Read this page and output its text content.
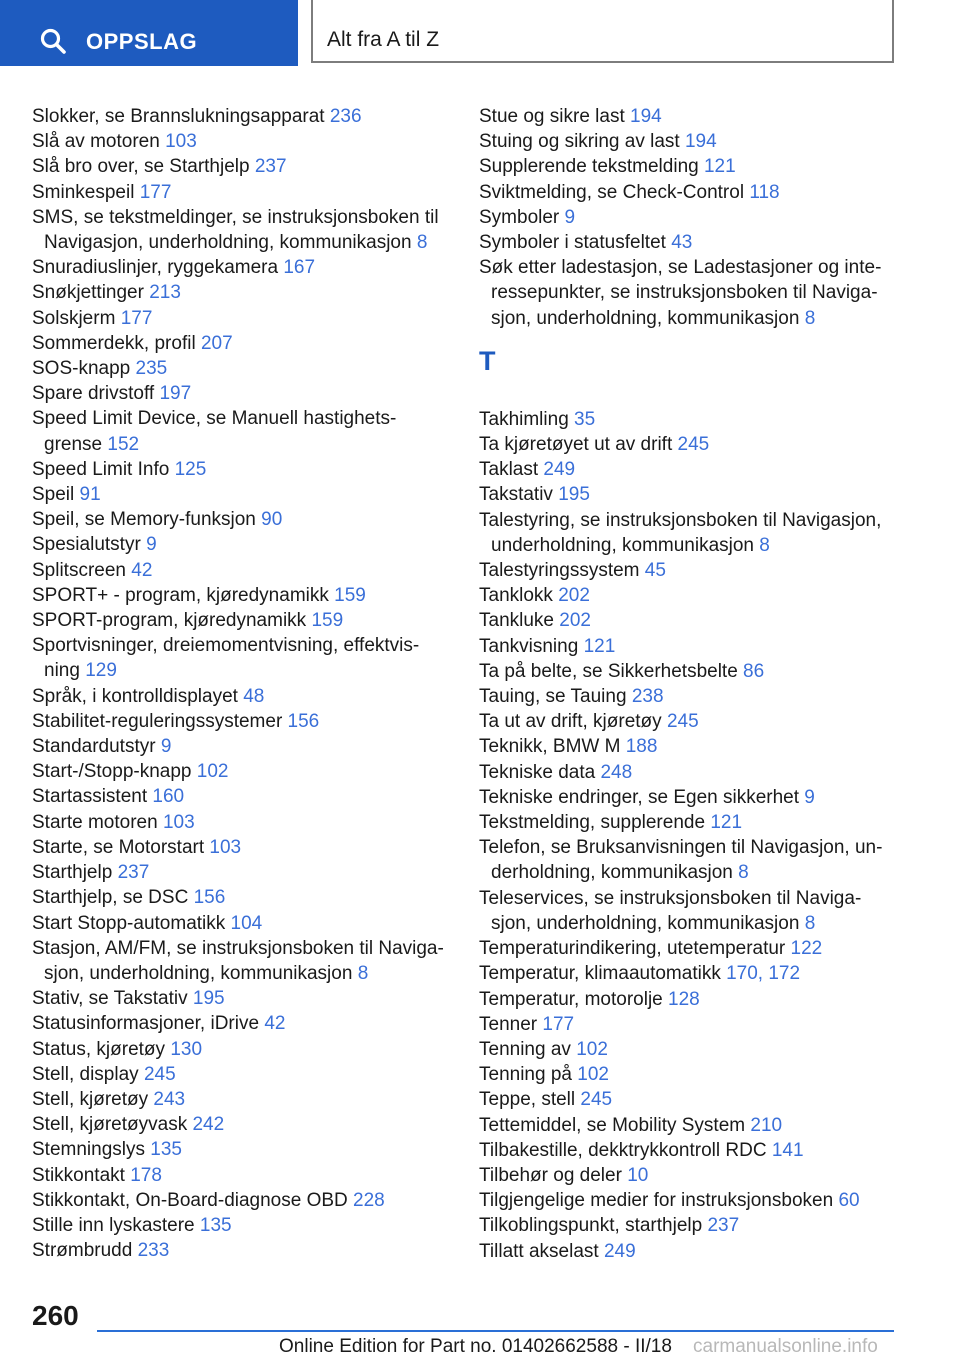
OPPSLAG	Alt fra A til Z
Slokker, se Brannslukningsapparat 236
Slå av motoren 103
Slå bro over, se Starthjelp 237
Sminkespeil 177
SMS, se tekstmeldinger, se instruksjonsboken til Navigasjon, underholdning, kommunikasjon 8
Snuradiuslinjer, ryggekamera 167
Snøkjettinger 213
Solskjerm 177
Sommerdekk, profil 207
SOS-knapp 235
Spare drivstoff 197
Speed Limit Device, se Manuell hastighets-grense 152
Speed Limit Info 125
Speil 91
Speil, se Memory-funksjon 90
Spesialutstyr 9
Splitscreen 42
SPORT+ - program, kjøredynamikk 159
SPORT-program, kjøredynamikk 159
Sportvisninger, dreiemomentvisning, effektvis-ning 129
Språk, i kontrolldisplayet 48
Stabilitet-reguleringssystemer 156
Standardutstyr 9
Start-/Stopp-knapp 102
Startassistent 160
Starte motoren 103
Starte, se Motorstart 103
Starthjelp 237
Starthjelp, se DSC 156
Start Stopp-automatikk 104
Stasjon, AM/FM, se instruksjonsboken til Naviga-sjon, underholdning, kommunikasjon 8
Stativ, se Takstativ 195
Statusinformasjoner, iDrive 42
Status, kjøretøy 130
Stell, display 245
Stell, kjøretøy 243
Stell, kjøretøyvask 242
Stemningslys 135
Stikkontakt 178
Stikkontakt, On-Board-diagnose OBD 228
Stille inn lyskastere 135
Strømbrudd 233
Stue og sikre last 194
Stuing og sikring av last 194
Supplerende tekstmelding 121
Sviktmelding, se Check-Control 118
Symboler 9
Symboler i statusfeltet 43
Søk etter ladestasjon, se Ladestasjoner og inte-ressepunkter, se instruksjonsboken til Naviga-sjon, underholdning, kommunikasjon 8
T
Takhimling 35
Ta kjøretøyet ut av drift 245
Taklast 249
Takstativ 195
Talestyring, se instruksjonsboken til Navigasjon, underholdning, kommunikasjon 8
Talestyringssystem 45
Tanklokk 202
Tankluke 202
Tankvisning 121
Ta på belte, se Sikkerhetsbelte 86
Tauing, se Tauing 238
Ta ut av drift, kjøretøy 245
Teknikk, BMW M 188
Tekniske data 248
Tekniske endringer, se Egen sikkerhet 9
Tekstmelding, supplerende 121
Telefon, se Bruksanvisningen til Navigasjon, un-derholdning, kommunikasjon 8
Teleservices, se instruksjonsboken til Naviga-sjon, underholdning, kommunikasjon 8
Temperaturindikering, utetemperatur 122
Temperatur, klimaautomatikk 170, 172
Temperatur, motorolje 128
Tenner 177
Tenning av 102
Tenning på 102
Teppe, stell 245
Tettemiddel, se Mobility System 210
Tilbakestille, dekktrykkontroll RDC 141
Tilbehør og deler 10
Tilgjengelige medier for instruksjonsboken 60
Tilkoblingspunkt, starthjelp 237
Tillatt akselast 249
260
Online Edition for Part no. 01402662588 - II/18 carmanualsonline.info
